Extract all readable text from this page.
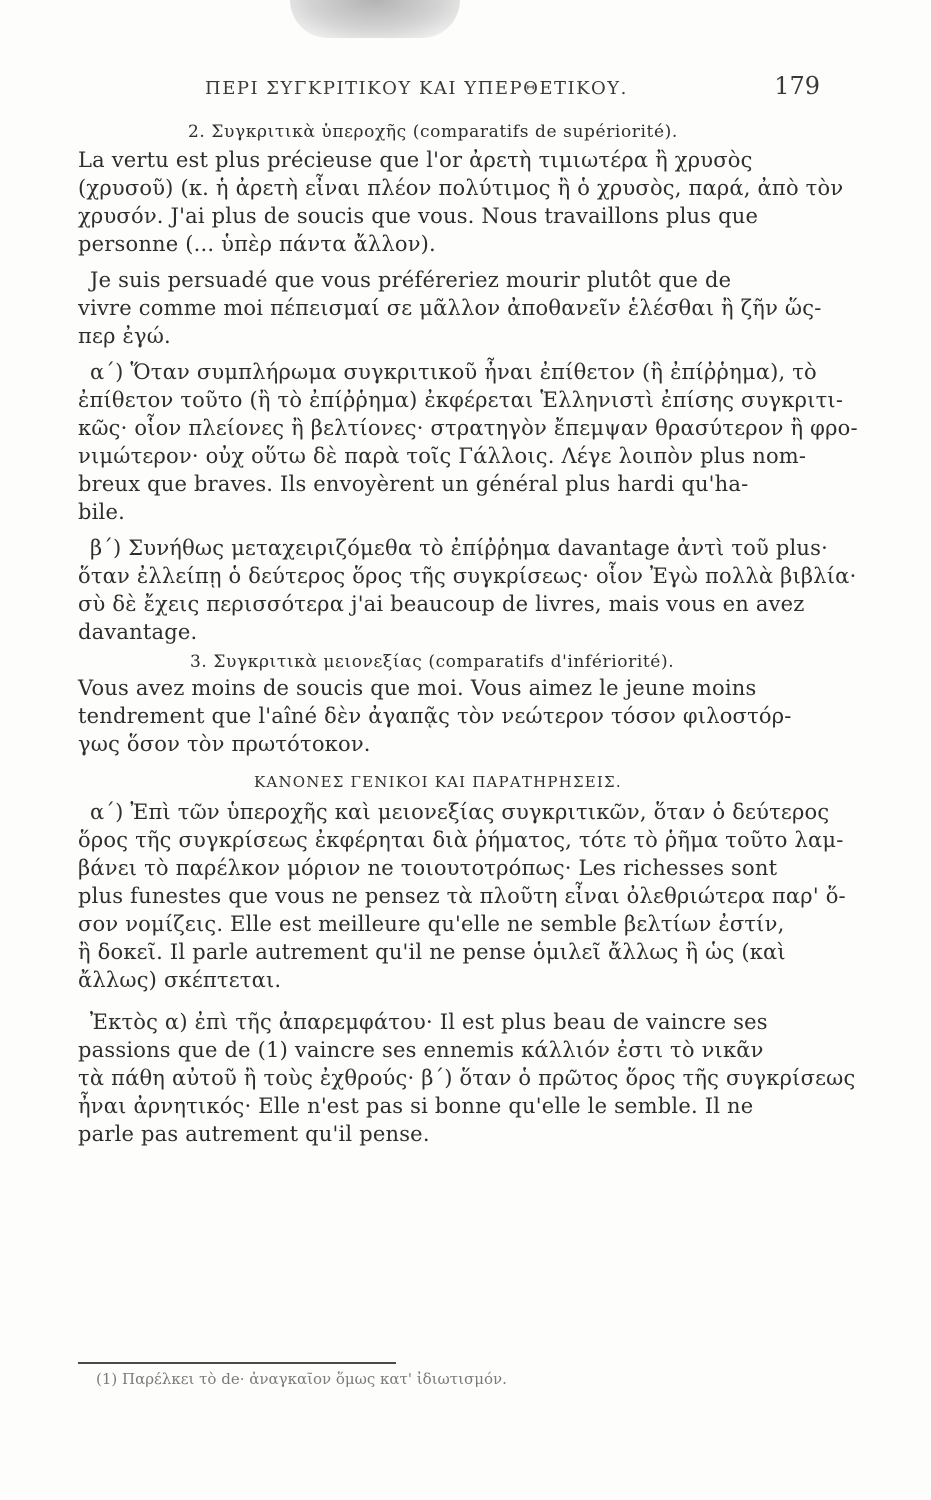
ΠΕΡΙ ΣΥΓΚΡΙΤΙΚΟΥ ΚΑΙ ΥΠΕΡΘΕΤΙΚΟΥ.	179
2. Συγκριτικὰ ὑπεροχῆς (comparatifs de supériorité).
La vertu est plus précieuse que l'or ἀρετὴ τιμιωτέρα ἢ χρυσὸς
(χρυσοῦ) (κ. ἡ ἀρετὴ εἶναι πλέον πολύτιμος ἢ ὁ χρυσὸς, παρά, ἀπὸ τὸν
χρυσόν. J'ai plus de soucis que vous. Nous travaillons plus que
personne (... ὑπὲρ πάντα ἄλλον).
Je suis persuadé que vous préféreriez mourir plutôt que de
vivre comme moi πέπεισμαί σε μᾶλλον ἀποθανεῖν ἑλέσθαι ἢ ζῆν ὥς-
περ ἐγώ.
α΄) Ὅταν συμπλήρωμα συγκριτικοῦ ἦναι ἐπίθετον (ἢ ἐπίῤῥημα), τὸ
ἐπίθετον τοῦτο (ἢ τὸ ἐπίῤῥημα) ἐκφέρεται Ἑλληνιστὶ ἐπίσης συγκριτι-
κῶς· οἷον πλείονες ἢ βελτίονες· στρατηγὸν ἔπεμψαν θρασύτερον ἢ φρο-
νιμώτερον· οὐχ οὕτω δὲ παρὰ τοῖς Γάλλοις. Λέγε λοιπὸν plus nom-
breux que braves. Ils envoyèrent un général plus hardi qu'ha-
bile.
β΄) Συνήθως μεταχειριζόμεθα τὸ ἐπίῤῥημα davantage ἀντὶ τοῦ plus·
ὅταν ἐλλείπῃ ὁ δεύτερος ὅρος τῆς συγκρίσεως· οἷον Ἐγὼ πολλὰ βιβλία·
σὺ δὲ ἔχεις περισσότερα j'ai beaucoup de livres, mais vous en avez
davantage.
3. Συγκριτικὰ μειονεξίας (comparatifs d'infériorité).
Vous avez moins de soucis que moi. Vous aimez le jeune moins
tendrement que l'aîné δὲν ἀγαπᾷς τὸν νεώτερον τόσον φιλοστόρ-
γως ὅσον τὸν πρωτότοκον.
ΚΑΝΟΝΕΣ ΓΕΝΙΚΟΙ ΚΑΙ ΠΑΡΑΤΗΡΗΣΕΙΣ.
α΄) Ἐπὶ τῶν ὑπεροχῆς καὶ μειονεξίας συγκριτικῶν, ὅταν ὁ δεύτερος
ὅρος τῆς συγκρίσεως ἐκφέρηται διὰ ῥήματος, τότε τὸ ῥῆμα τοῦτο λαμ-
βάνει τὸ παρέλκον μόριον ne τοιουτοτρόπως· Les richesses sont
plus funestes que vous ne pensez τὰ πλοῦτη εἶναι ὀλεθριώτερα παρ' ὅ-
σον νομίζεις. Elle est meilleure qu'elle ne semble βελτίων ἐστίν,
ἢ δοκεῖ. Il parle autrement qu'il ne pense ὁμιλεῖ ἄλλως ἢ ὡς (καὶ
ἄλλως) σκέπτεται.
Ἐκτὸς α) ἐπὶ τῆς ἀπαρεμφάτου· Il est plus beau de vaincre ses
passions que de (1) vaincre ses ennemis κάλλιόν ἐστι τὸ νικᾶν
τὰ πάθη αὐτοῦ ἢ τοὺς ἐχθρούς· β΄) ὅταν ὁ πρῶτος ὅρος τῆς συγκρίσεως
ἦναι ἀρνητικός· Elle n'est pas si bonne qu'elle le semble. Il ne
parle pas autrement qu'il pense.
(1) Παρέλκει τὸ de· ἀναγκαῖον ὅμως κατ' ἰδιωτισμόν.
